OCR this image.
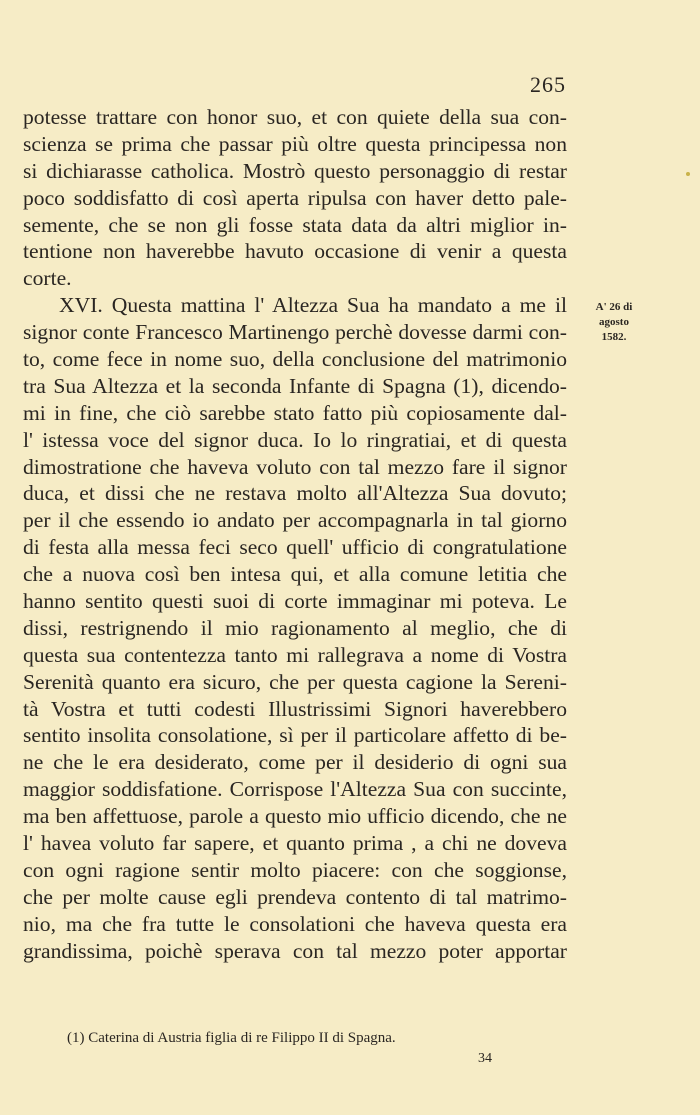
265
potesse trattare con honor suo, et con quiete della sua con-
scienza se prima che passar più oltre questa principessa non
si dichiarasse catholica. Mostrò questo personaggio di restar
poco soddisfatto di così aperta ripulsa con haver detto pale-
semente, che se non gli fosse stata data da altri miglior in-
tentione non haverebbe havuto occasione di venir a questa
corte.
XVI. Questa mattina l' Altezza Sua ha mandato a me il
signor conte Francesco Martinengo perchè dovesse darmi con-
to, come fece in nome suo, della conclusione del matrimonio
tra Sua Altezza et la seconda Infante di Spagna (1), dicendo-
mi in fine, che ciò sarebbe stato fatto più copiosamente dal-
l' istessa voce del signor duca. Io lo ringratiai, et di questa
dimostratione che haveva voluto con tal mezzo fare il signor
duca, et dissi che ne restava molto all'Altezza Sua dovuto;
per il che essendo io andato per accompagnarla in tal giorno
di festa alla messa feci seco quell' ufficio di congratulatione
che a nuova così ben intesa qui, et alla comune letitia che
hanno sentito questi suoi di corte immaginar mi poteva. Le
dissi, restrignendo il mio ragionamento al meglio, che di
questa sua contentezza tanto mi rallegrava a nome di Vostra
Serenità quanto era sicuro, che per questa cagione la Sereni-
tà Vostra et tutti codesti Illustrissimi Signori haverebbero
sentito insolita consolatione, sì per il particolare affetto di be-
ne che le era desiderato, come per il desiderio di ogni sua
maggior soddisfatione. Corrispose l'Altezza Sua con succinte,
ma ben affettuose, parole a questo mio ufficio dicendo, che ne
l' havea voluto far sapere, et quanto prima , a chi ne doveva
con ogni ragione sentir molto piacere: con che soggionse,
che per molte cause egli prendeva contento di tal matrimo-
nio, ma che fra tutte le consolationi che haveva questa era
grandissima, poichè sperava con tal mezzo poter apportar
A' 26 di
agosto
1582.
(1) Caterina di Austria figlia di re Filippo II di Spagna.
34
